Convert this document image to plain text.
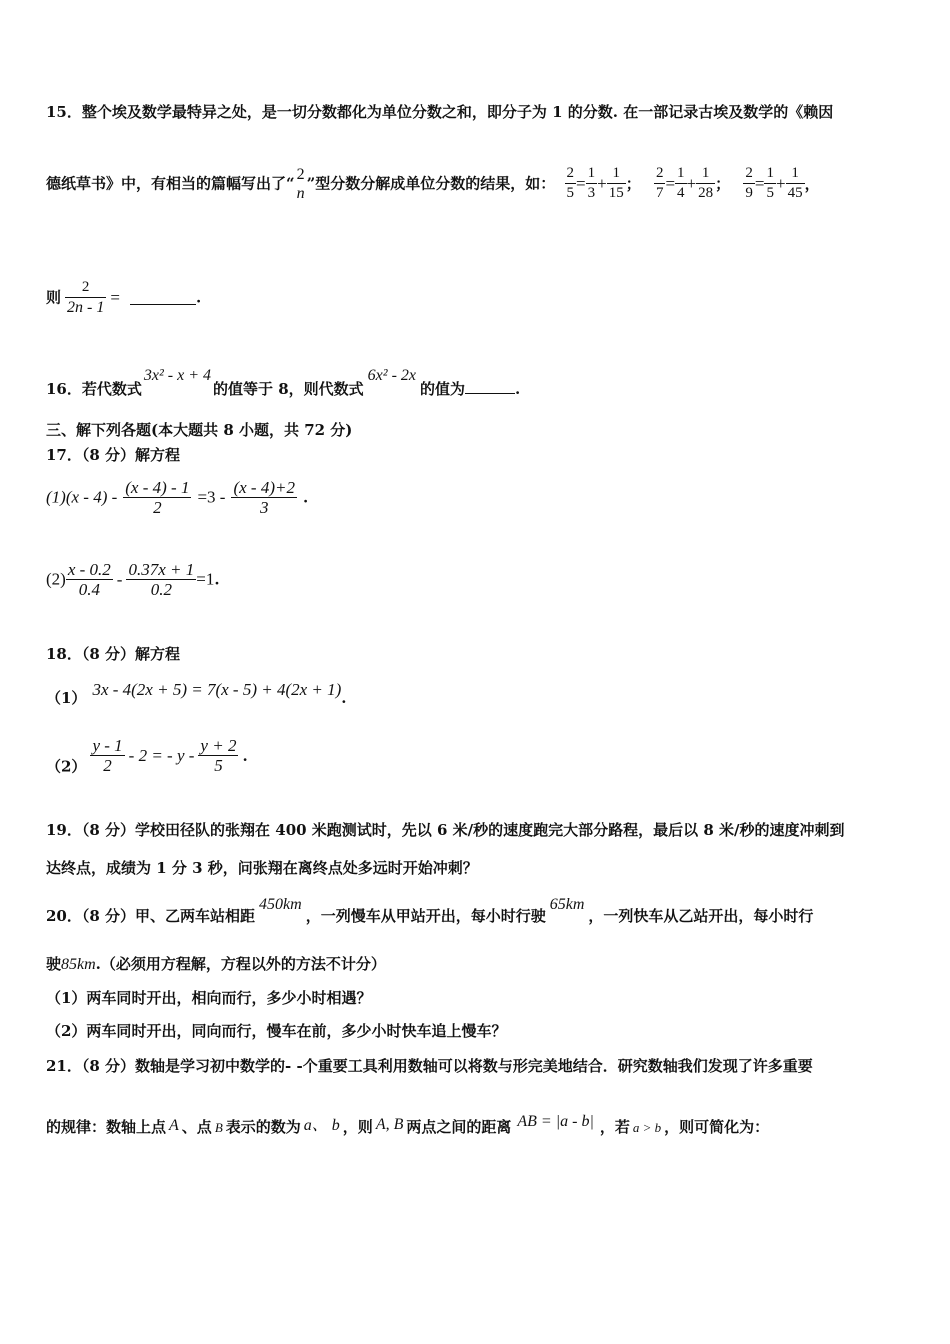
15．整个埃及数学最特异之处，是一切分数都化为单位分数之和，即分子为 1 的分数. 在一部记录古埃及数学的《赖因
德纸草书》中，有相当的篇幅写出了“
2
n
”型分数分解成单位分数的结果，如： $\frac{2}{5} = \frac{1}{3} + \frac{1}{15}$ ； $\frac{2}{7} = \frac{1}{4} + \frac{1}{28}$ ； $\frac{2}{9} = \frac{1}{5} + \frac{1}{45}$ ，
则 $\frac{2}{2n - 1}$ =	.
16．若代数式3x² - x + 4的值等于 8，则代数式6x² - 2x的值为	.
三、解下列各题(本大题共 8 小题，共 72 分)
17．（8 分）解方程
$(1)(x - 4) - \frac{(x - 4) - 1}{2} =3 - \frac{(x - 4)+2}{3}$ .
$(2) \frac{x - 0.2}{0.4} - \frac{0.37x + 1}{0.2} =1$.
18．（8 分）解方程
（1） 3x - 4(2x + 5) = 7(x - 5) + 4(2x + 1).
$(2) \frac{y - 1}{2} - 2$ = - y - $\frac{y + 2}{5}$ .
19．（8 分）学校田径队的张翔在 400 米跑测试时，先以 6 米/秒的速度跑完大部分路程，最后以 8 米/秒的速度冲刺到
达终点，成绩为 1 分 3 秒，问张翔在离终点处多远时开始冲刺？
20．（8 分）甲、乙两车站相距450km，一列慢车从甲站开出，每小时行驶65km，一列快车从乙站开出，每小时行
驶85km.（必须用方程解，方程以外的方法不计分）
（1）两车同时开出，相向而行，多少小时相遇？
（2）两车同时开出，同向而行，慢车在前，多少小时快车追上慢车？
21．（8 分）数轴是学习初中数学的- -个重要工具利用数轴可以将数与形完美地结合．研究数轴我们发现了许多重要
的规律：数轴上点 A 、点 B 表示的数为 a、 b ，则 A, B 两点之间的距离 AB = |a - b| ，若 a > b ，则可简化为：
